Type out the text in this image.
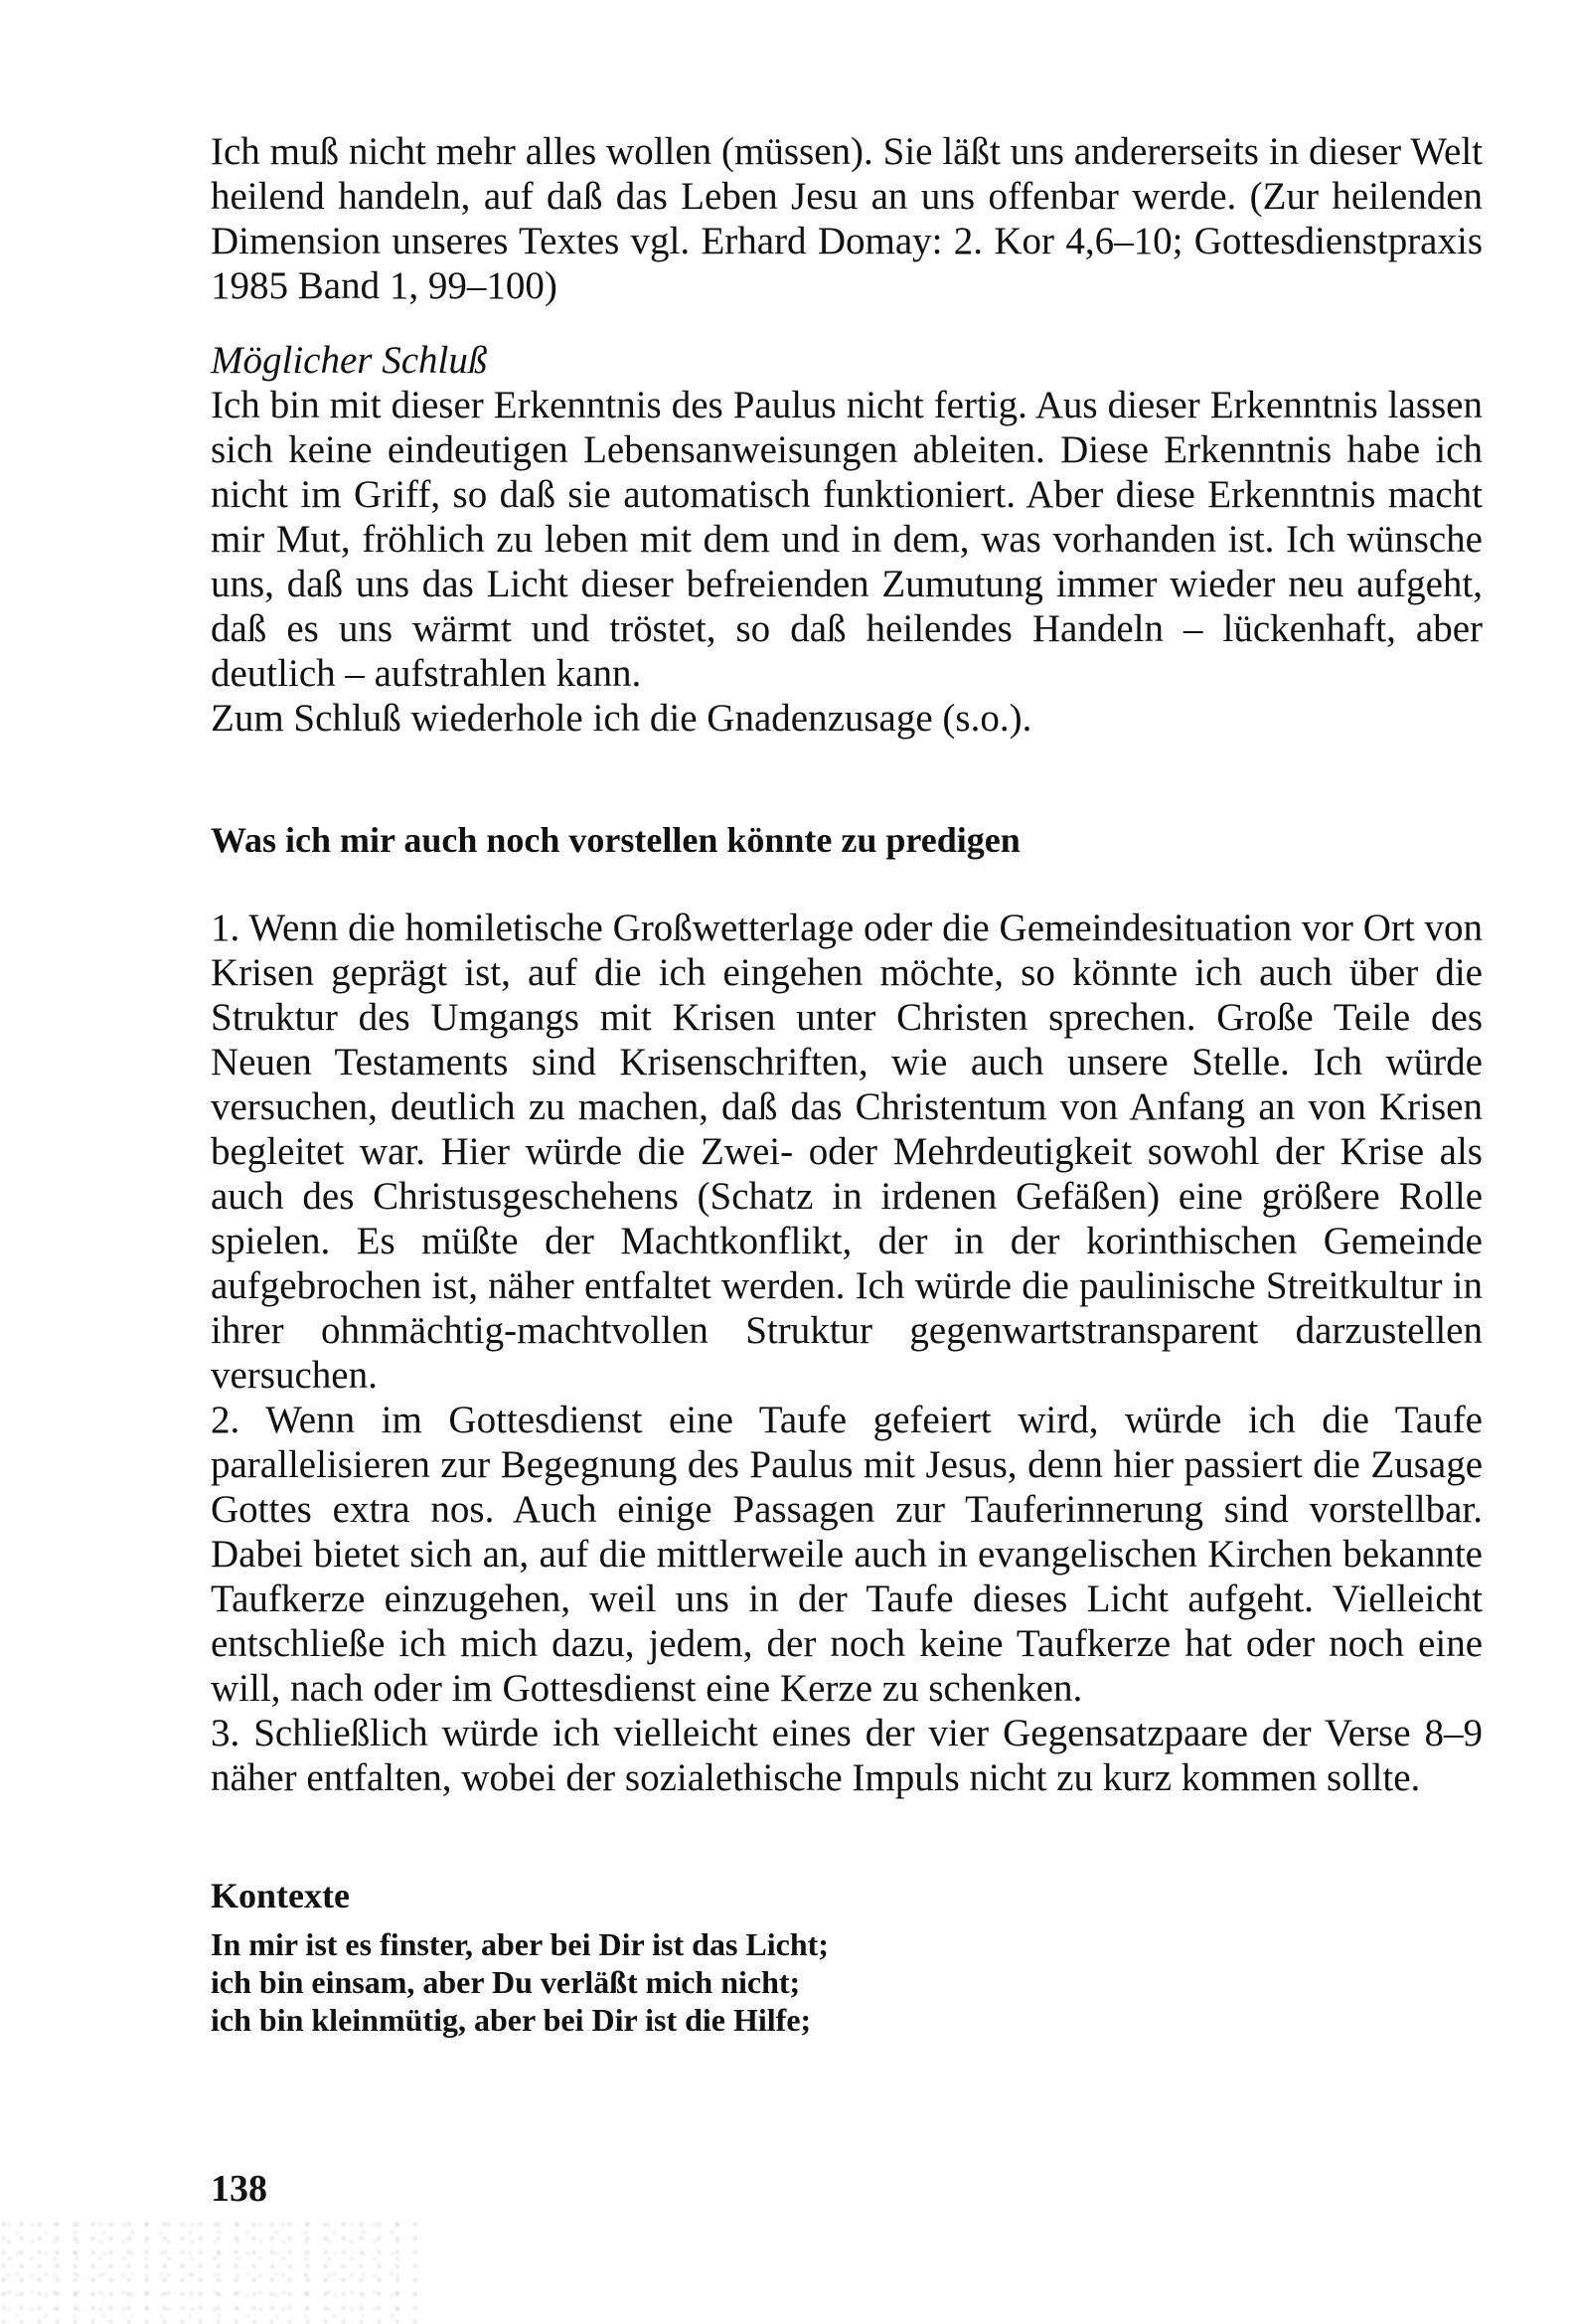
Ich muß nicht mehr alles wollen (müssen). Sie läßt uns andererseits in dieser Welt heilend handeln, auf daß das Leben Jesu an uns offenbar werde. (Zur heilenden Dimension unseres Textes vgl. Erhard Domay: 2. Kor 4,6–10; Gottesdienstpraxis 1985 Band 1, 99–100)

Möglicher Schluß

Ich bin mit dieser Erkenntnis des Paulus nicht fertig. Aus dieser Erkenntnis lassen sich keine eindeutigen Lebensanweisungen ableiten. Diese Erkenntnis habe ich nicht im Griff, so daß sie automatisch funktioniert. Aber diese Erkenntnis macht mir Mut, fröhlich zu leben mit dem und in dem, was vorhanden ist. Ich wünsche uns, daß uns das Licht dieser befreienden Zumutung immer wieder neu aufgeht, daß es uns wärmt und tröstet, so daß heilendes Handeln – lückenhaft, aber deutlich – aufstrahlen kann.

Zum Schluß wiederhole ich die Gnadenzusage (s.o.).

Was ich mir auch noch vorstellen könnte zu predigen

1. Wenn die homiletische Großwetterlage oder die Gemeindesituation vor Ort von Krisen geprägt ist, auf die ich eingehen möchte, so könnte ich auch über die Struktur des Umgangs mit Krisen unter Christen sprechen. Große Teile des Neuen Testaments sind Krisenschriften, wie auch unsere Stelle. Ich würde versuchen, deutlich zu machen, daß das Christentum von Anfang an von Krisen begleitet war. Hier würde die Zwei- oder Mehrdeutigkeit sowohl der Krise als auch des Christusgeschehens (Schatz in irdenen Gefäßen) eine größere Rolle spielen. Es müßte der Machtkonflikt, der in der korinthischen Gemeinde aufgebrochen ist, näher entfaltet werden. Ich würde die paulinische Streitkultur in ihrer ohnmächtig-machtvollen Struktur gegenwartstransparent darzustellen versuchen.

2. Wenn im Gottesdienst eine Taufe gefeiert wird, würde ich die Taufe parallelisieren zur Begegnung des Paulus mit Jesus, denn hier passiert die Zusage Gottes extra nos. Auch einige Passagen zur Tauferinnerung sind vorstellbar. Dabei bietet sich an, auf die mittlerweile auch in evangelischen Kirchen bekannte Taufkerze einzugehen, weil uns in der Taufe dieses Licht aufgeht. Vielleicht entschließe ich mich dazu, jedem, der noch keine Taufkerze hat oder noch eine will, nach oder im Gottesdienst eine Kerze zu schenken.

3. Schließlich würde ich vielleicht eines der vier Gegensatzpaare der Verse 8–9 näher entfalten, wobei der sozialethische Impuls nicht zu kurz kommen sollte.

Kontexte
In mir ist es finster, aber bei Dir ist das Licht;
ich bin einsam, aber Du verläßt mich nicht;
ich bin kleinmütig, aber bei Dir ist die Hilfe;
138
